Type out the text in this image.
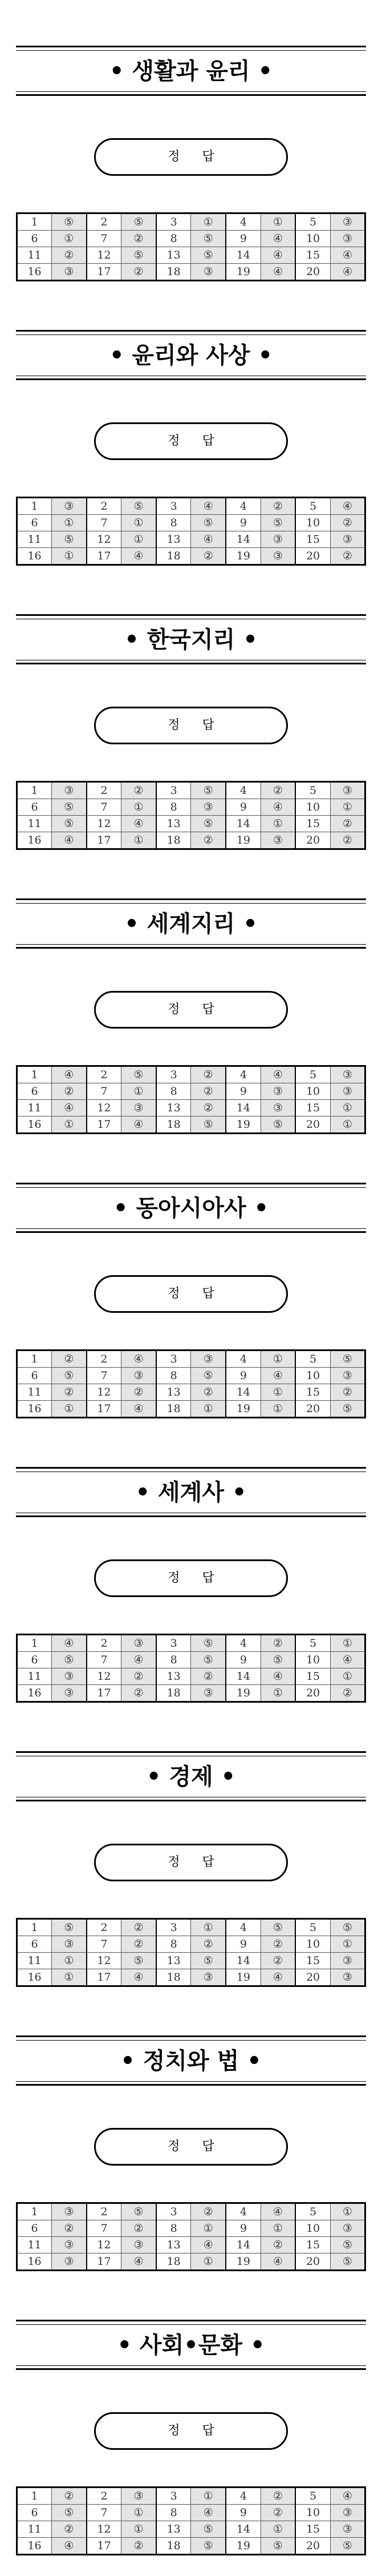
• 생활과 윤리 •
정 답
1	⑤	2	⑤	3	①	4	①	5	③
6	①	7	②	8	⑤	9	④	10	③
11	②	12	⑤	13	⑤	14	④	15	④
16	③	17	②	18	③	19	④	20	④
• 윤리와 사상 •
정 답
1	③	2	⑤	3	④	4	②	5	④
6	①	7	①	8	⑤	9	⑤	10	②
11	⑤	12	①	13	④	14	③	15	③
16	①	17	④	18	②	19	③	20	②
• 한국지리 •
정 답
1	③	2	②	3	⑤	4	②	5	③
6	⑤	7	①	8	③	9	④	10	①
11	⑤	12	④	13	⑤	14	①	15	②
16	④	17	①	18	②	19	③	20	②
• 세계지리 •
정 답
1	④	2	⑤	3	②	4	④	5	③
6	②	7	①	8	②	9	③	10	③
11	④	12	③	13	②	14	③	15	①
16	①	17	④	18	⑤	19	⑤	20	①
• 동아시아사 •
정 답
1	②	2	④	3	③	4	①	5	⑤
6	⑤	7	③	8	⑤	9	④	10	③
11	②	12	②	13	②	14	①	15	②
16	①	17	④	18	①	19	①	20	⑤
• 세계사 •
정 답
1	④	2	③	3	⑤	4	②	5	①
6	⑤	7	④	8	⑤	9	⑤	10	④
11	③	12	②	13	②	14	④	15	①
16	③	17	②	18	③	19	①	20	②
• 경제 •
정 답
1	⑤	2	②	3	①	4	⑤	5	⑤
6	③	7	②	8	②	9	②	10	①
11	①	12	⑤	13	⑤	14	②	15	③
16	①	17	④	18	③	19	④	20	③
• 정치와 법 •
정 답
1	③	2	⑤	3	②	4	④	5	①
6	②	7	②	8	①	9	①	10	③
11	③	12	③	13	④	14	②	15	⑤
16	③	17	④	18	①	19	④	20	⑤
• 사회•문화 •
정 답
1	②	2	③	3	①	4	②	5	④
6	⑤	7	①	8	④	9	②	10	③
11	②	12	①	13	⑤	14	①	15	③
16	④	17	②	18	⑤	19	⑤	20	⑤
